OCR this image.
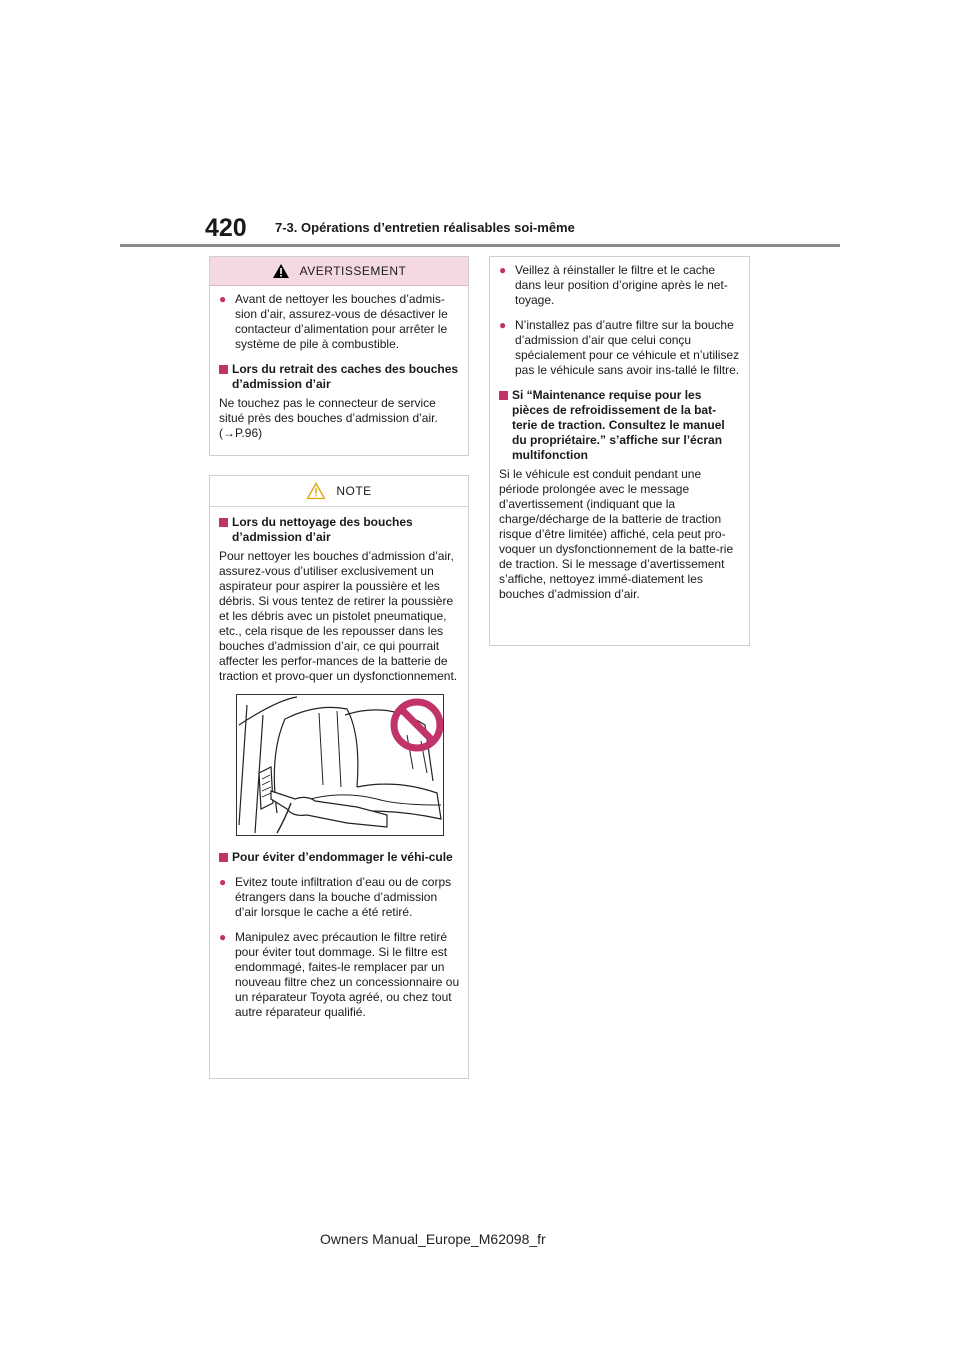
420 7-3. Opérations d’entretien réalisables soi-même
AVERTISSEMENT
● Avant de nettoyer les bouches d’admis-sion d’air, assurez-vous de désactiver le contacteur d’alimentation pour arrêter le système de pile à combustible.
Lors du retrait des caches des bouches d’admission d’air
Ne touchez pas le connecteur de service situé près des bouches d’admission d’air. (→P.96)
NOTE
Lors du nettoyage des bouches d’admission d’air
Pour nettoyer les bouches d’admission d’air, assurez-vous d’utiliser exclusivement un aspirateur pour aspirer la poussière et les débris. Si vous tentez de retirer la poussière et les débris avec un pistolet pneumatique, etc., cela risque de les repousser dans les bouches d’admission d’air, ce qui pourrait affecter les perfor-mances de la batterie de traction et provo-quer un dysfonctionnement.
Pour éviter d’endommager le véhi-cule
● Evitez toute infiltration d’eau ou de corps étrangers dans la bouche d’admission d’air lorsque le cache a été retiré.
● Manipulez avec précaution le filtre retiré pour éviter tout dommage. Si le filtre est endommagé, faites-le remplacer par un nouveau filtre chez un concessionnaire ou un réparateur Toyota agréé, ou chez tout autre réparateur qualifié.
● Veillez à réinstaller le filtre et le cache dans leur position d’origine après le net-toyage.
● N’installez pas d’autre filtre sur la bouche d’admission d’air que celui conçu spécialement pour ce véhicule et n’utilisez pas le véhicule sans avoir ins-tallé le filtre.
Si “Maintenance requise pour les pièces de refroidissement de la bat-terie de traction. Consultez le manuel du propriétaire.” s’affiche sur l’écran multifonction
Si le véhicule est conduit pendant une période prolongée avec le message d’avertissement (indiquant que la charge/décharge de la batterie de traction risque d’être limitée) affiché, cela peut pro-voquer un dysfonctionnement de la batte-rie de traction. Si le message d’avertissement s’affiche, nettoyez immé-diatement les bouches d’admission d’air.
Owners Manual_Europe_M62098_fr
